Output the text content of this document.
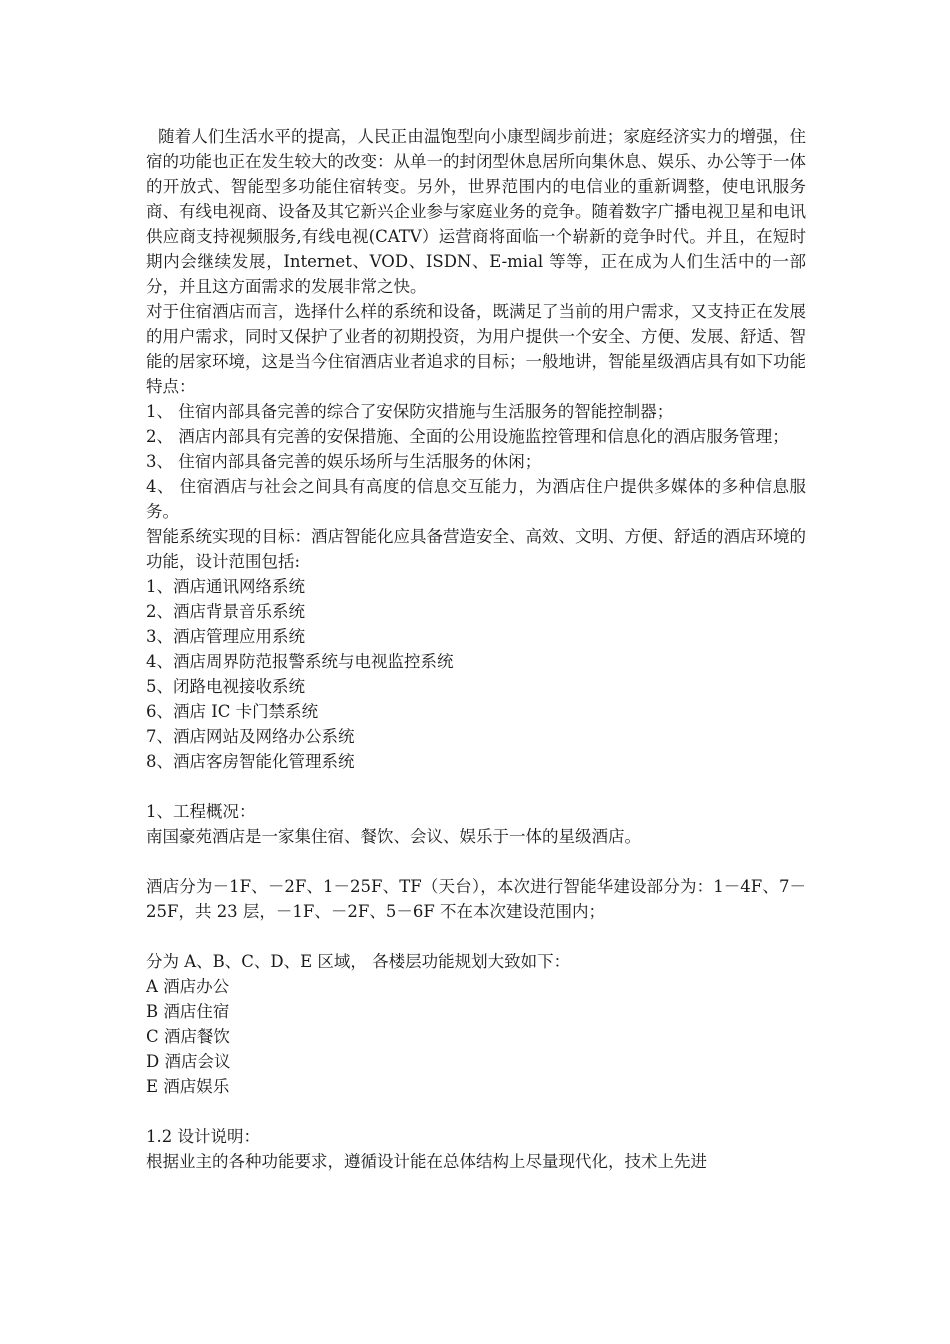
随着人们生活水平的提高，人民正由温饱型向小康型阔步前进；家庭经济实力的增强，住宿的功能也正在发生较大的改变：从单一的封闭型休息居所向集休息、娱乐、办公等于一体的开放式、智能型多功能住宿转变。另外，世界范围内的电信业的重新调整，使电讯服务商、有线电视商、设备及其它新兴企业参与家庭业务的竞争。随着数字广播电视卫星和电讯供应商支持视频服务,有线电视(CATV）运营商将面临一个崭新的竞争时代。并且，在短时期内会继续发展，Internet、VOD、ISDN、E-mial 等等，正在成为人们生活中的一部分，并且这方面需求的发展非常之快。

对于住宿酒店而言，选择什么样的系统和设备，既满足了当前的用户需求，又支持正在发展的用户需求，同时又保护了业者的初期投资，为用户提供一个安全、方便、发展、舒适、智能的居家环境，这是当今住宿酒店业者追求的目标；一般地讲，智能星级酒店具有如下功能特点：

1、 住宿内部具备完善的综合了安保防灾措施与生活服务的智能控制器；

2、 酒店内部具有完善的安保措施、全面的公用设施监控管理和信息化的酒店服务管理；

3、 住宿内部具备完善的娱乐场所与生活服务的休闲；

4、 住宿酒店与社会之间具有高度的信息交互能力，为酒店住户提供多媒体的多种信息服务。

智能系统实现的目标：酒店智能化应具备营造安全、高效、文明、方便、舒适的酒店环境的功能，设计范围包括:

1、酒店通讯网络系统

2、酒店背景音乐系统

3、酒店管理应用系统

4、酒店周界防范报警系统与电视监控系统

5、闭路电视接收系统

6、酒店 IC 卡门禁系统

7、酒店网站及网络办公系统

8、酒店客房智能化管理系统

1、工程概况：

南国豪苑酒店是一家集住宿、餐饮、会议、娱乐于一体的星级酒店。

酒店分为－1F、－2F、1－25F、TF（天台），本次进行智能华建设部分为：1－4F、7－25F，共 23 层，－1F、－2F、5－6F 不在本次建设范围内；

分为 A、B、C、D、E 区域， 各楼层功能规划大致如下：

A 酒店办公

B 酒店住宿

C 酒店餐饮

D 酒店会议

E 酒店娱乐

1.2 设计说明：

根据业主的各种功能要求，遵循设计能在总体结构上尽量现代化，技术上先进
